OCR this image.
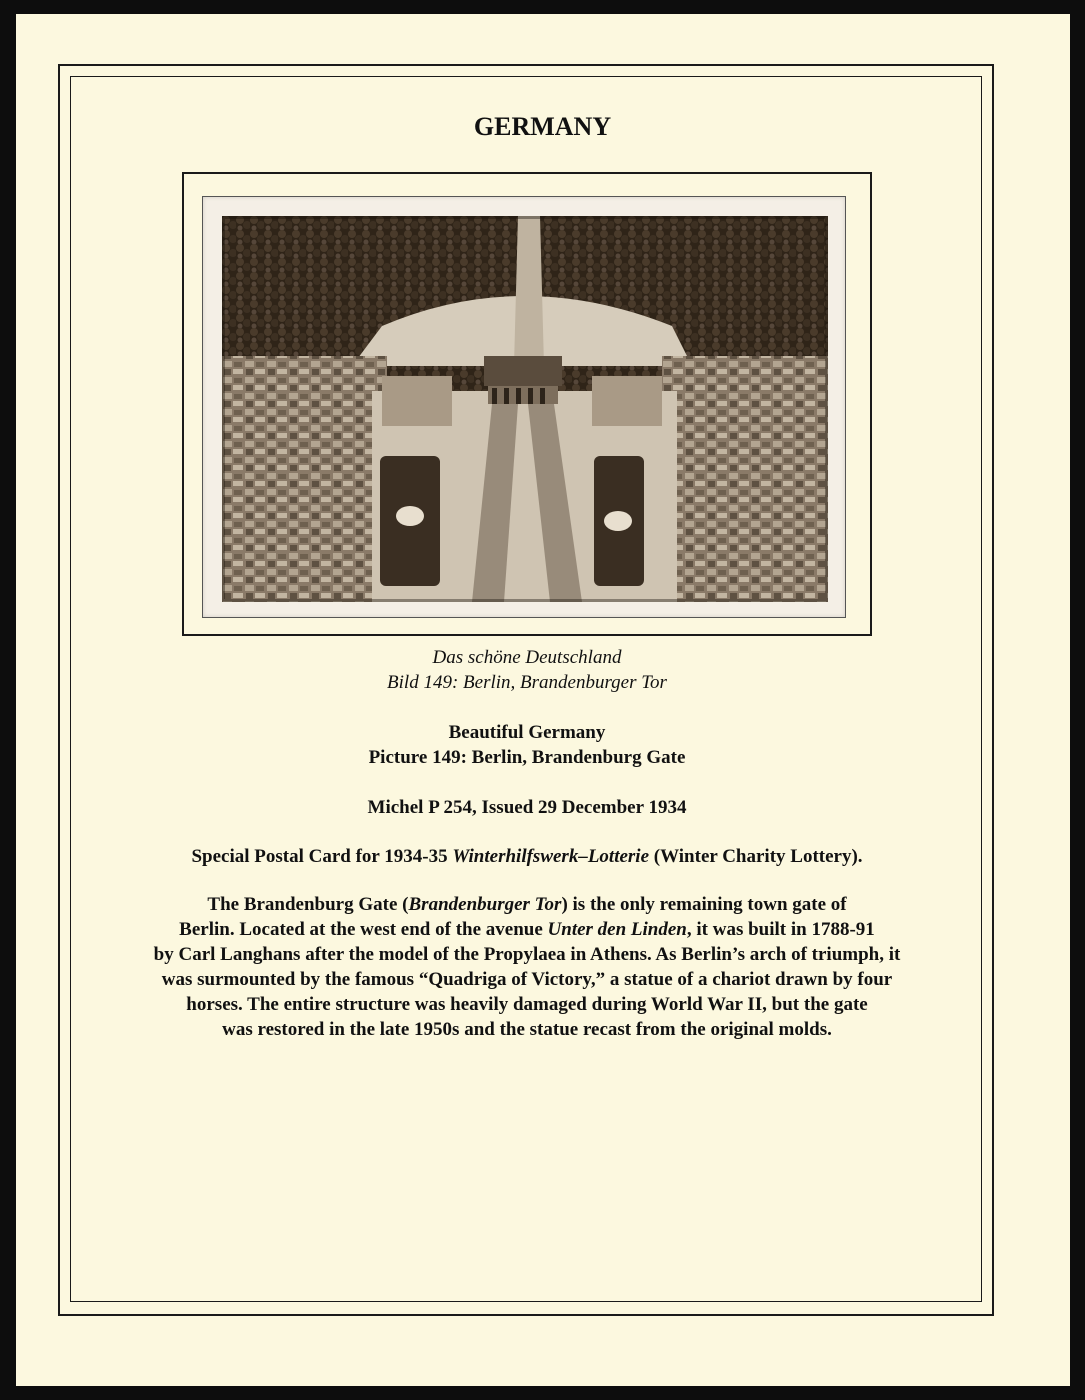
GERMANY
Das schöne Deutschland
Bild 149: Berlin, Brandenburger Tor
Beautiful Germany
Picture 149: Berlin, Brandenburg Gate
Michel P 254, Issued 29 December 1934
Special Postal Card for 1934-35 Winterhilfswerk–Lotterie (Winter Charity Lottery).

The Brandenburg Gate (Brandenburger Tor) is the only remaining town gate of

Berlin. Located at the west end of the avenue Unter den Linden, it was built in 1788-91

by Carl Langhans after the model of the Propylaea in Athens. As Berlin’s arch of triumph, it

was surmounted by the famous “Quadriga of Victory,” a statue of a chariot drawn by four

horses. The entire structure was heavily damaged during World War II, but the gate

was restored in the late 1950s and the statue recast from the original molds.
